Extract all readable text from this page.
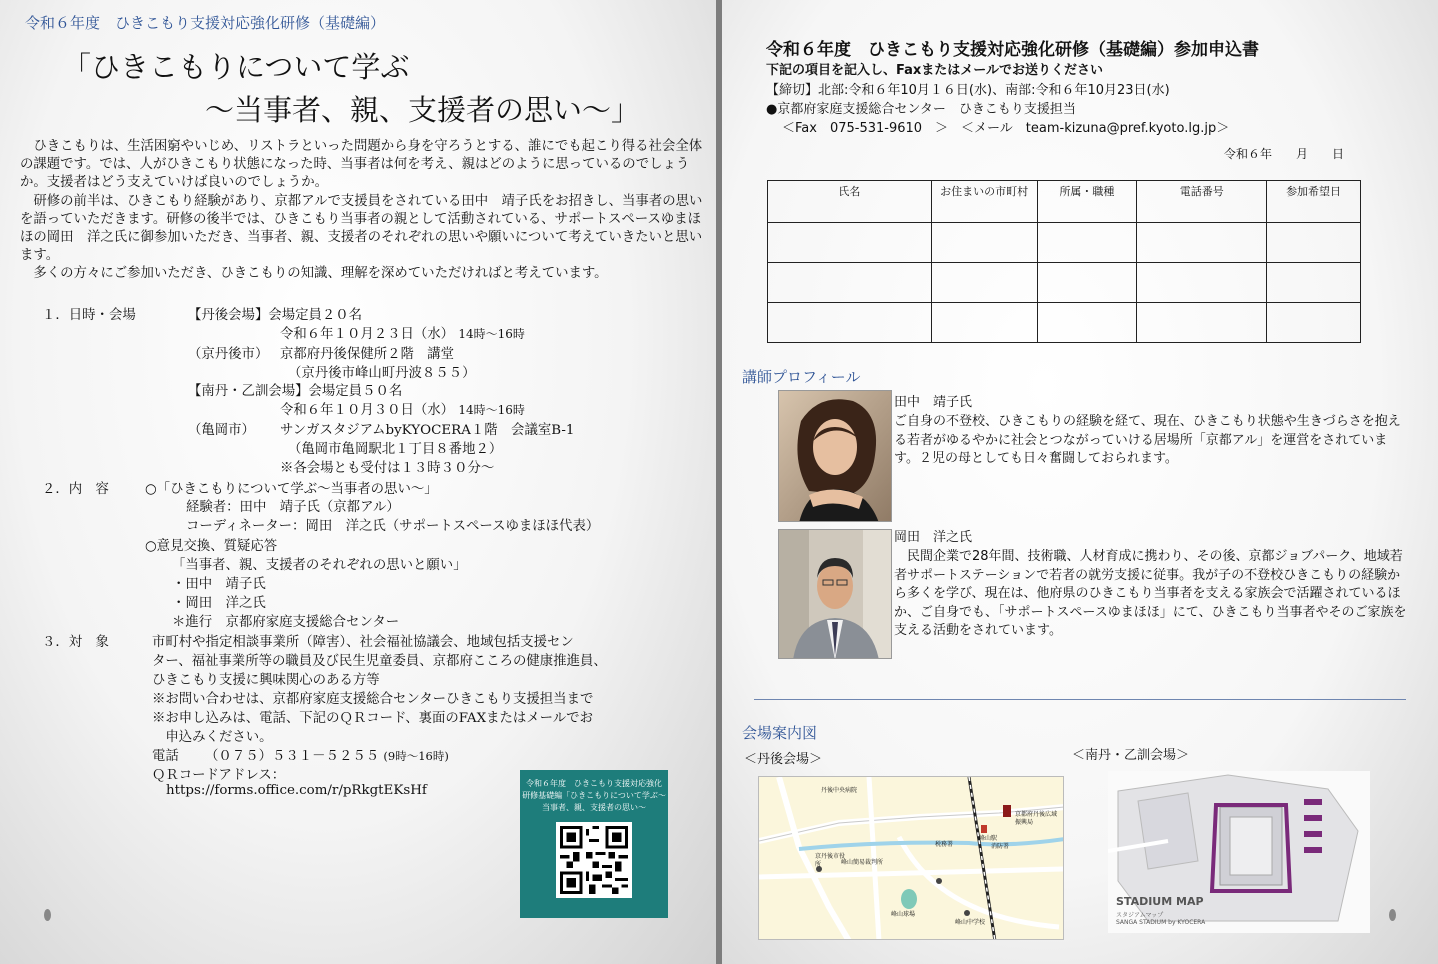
令和６年度　ひきこもり支援対応強化研修（基礎編）
「ひきこもりについて学ぶ
～当事者、親、支援者の思い～」

ひきこもりは、生活困窮やいじめ、リストラといった問題から身を守ろうとする、誰にでも起こり得る社会全体の課題です。では、人がひきこもり状態になった時、当事者は何を考え、親はどのように思っているのでしょうか。支援者はどう支えていけば良いのでしょうか。

研修の前半は、ひきこもり経験があり、京都アルで支援員をされている田中　靖子氏をお招きし、当事者の思いを語っていただきます。研修の後半では、ひきこもり当事者の親として活動されている、サポートスペースゆまほほの岡田　洋之氏に御参加いただき、当事者、親、支援者のそれぞれの思いや願いについて考えていきたいと思います。

多くの方々にご参加いただき、ひきこもりの知識、理解を深めていただければと考えています。

１．日時・会場	【丹後会場】会場定員２０名
令和６年１０月２３日（水） 14時～16時
（京丹後市） 京都府丹後保健所２階　講堂
（京丹後市峰山町丹波８５５）
【南丹・乙訓会場】会場定員５０名
令和６年１０月３０日（水） 14時～16時
（亀岡市） サンガスタジアムbyKYOCERA１階　会議室B-1
（亀岡市亀岡駅北１丁目８番地２）
※各会場とも受付は１３時３０分～
２．内　容	○「ひきこもりについて学ぶ～当事者の思い～」
経験者：田中　靖子氏（京都アル）
コーディネーター：岡田　洋之氏（サポートスペースゆまほほ代表）
○意見交換、質疑応答
「当事者、親、支援者のそれぞれの思いと願い」
・田中　靖子氏
・岡田　洋之氏
＊進行　京都府家庭支援総合センター
３．対　象	市町村や指定相談事業所（障害）、社会福祉協議会、地域包括支援セン
ター、福祉事業所等の職員及び民生児童委員、京都府こころの健康推進員、
ひきこもり支援に興味関心のある方等
※お問い合わせは、京都府家庭支援総合センターひきこもり支援担当まで
※お申し込みは、電話、下記のＱＲコード、裏面のFAXまたはメールでお
　申込みください。
電話 （０７５）５３１－５２５５ (9時～16時)
ＱＲコードアドレス：
https://forms.office.com/r/pRkgtEKsHf	令和６年度　ひきこもり支援対応強化
研修基礎編「ひきこもりについて学ぶ～
当事者、親、支援者の思い～
令和６年度　ひきこもり支援対応強化研修（基礎編）参加申込書
下記の項目を記入し、Faxまたはメールでお送りください
【締切】北部:令和６年10月１６日(水)、南部:令和６年10月23日(水)
●京都府家庭支援総合センター　ひきこもり支援担当
＜Fax　075-531-9610　＞　＜メール　team-kizuna@pref.kyoto.lg.jp＞
令和６年　　月　　日
氏名	お住まいの市町村	所属・職種	電話番号	参加希望日

講師プロフィール
田中　靖子氏
ご自身の不登校、ひきこもりの経験を経て、現在、ひきこもり状態や生きづらさを抱える若者がゆるやかに社会とつながっていける居場所「京都アル」を運営をされています。２児の母としても日々奮闘しておられます。
岡田　洋之氏
民間企業で28年間、技術職、人材育成に携わり、その後、京都ジョブパーク、地域若者サポートステーションで若者の就労支援に従事。我が子の不登校ひきこもりの経験から多くを学び、現在は、他府県のひきこもり当事者を支える家族会で活躍されているほか、ご自身でも、「サポートスペースゆまほほ」にて、ひきこもり当事者やそのご家族を支える活動をされています。
会場案内図
＜丹後会場＞	＜南丹・乙訓会場＞
丹後中央病院
京都府丹後広域振興局
京丹後市役所	峰山簡易裁判所
消防署
税務署
峰山駅
峰山球場
峰山中学校
STADIUM MAP
スタジアムマップ
SANGA STADIUM by KYOCERA
